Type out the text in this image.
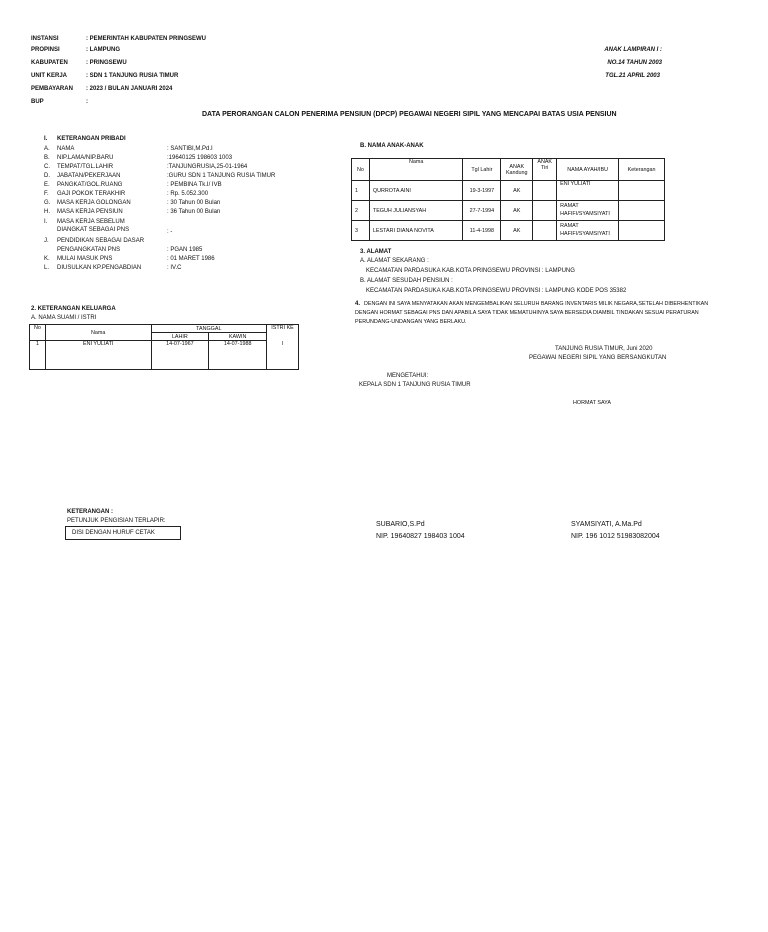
INSTANSI	: PEMERINTAH KABUPATEN PRINGSEWU
PROPINSI	: LAMPUNG
KABUPATEN	: PRINGSEWU
UNIT KERJA	: SDN 1 TANJUNG RUSIA TIMUR
PEMBAYARAN : 2023 / BULAN JANUARI 2024
BUP	:
ANAK LAMPIRAN I :
NO.14 TAHUN 2003
TGL.21 APRIL 2003
DATA PERORANGAN CALON PENERIMA PENSIUN (DPCP) PEGAWAI NEGERI SIPIL YANG MENCAPAI BATAS USIA PENSIUN
I. KETERANGAN PRIBADI
A. NAMA	: SANTIBI,M.Pd.I
B. NIP.LAMA/NIP.BARU	:19640125 198603 1003
C. TEMPAT/TGL.LAHIR	:TANJUNGRUSIA,25-01-1964
D. JABATAN/PEKERJAAN	:GURU SDN 1 TANJUNG RUSIA TIMUR
E. PANGKAT/GOL.RUANG	: PEMBINA Tk.I/ IVB
F. GAJI POKOK TERAKHIR	: Rp. 5.052.300
G. MASA KERJA GOLONGAN	: 30 Tahun 00 Bulan
H. MASA KERJA PENSIUN	: 36 Tahun 00 Bulan
I. MASA KERJA SEBELUM
DIANGKAT SEBAGAI PNS	: -
J. PENDIDIKAN SEBAGAI DASAR
PENGANGKATAN PNS	: PGAN 1985
K. MULAI MASUK PNS	: 01 MARET 1986
L. DIUSULKAN KP.PENGABDIAN	: IV.C
2. KETERANGAN KELUARGA
A. NAMA SUAMI / ISTRI
No	Nama	TANGGAL		ISTRI KE
		LAHIR	KAWIN	
1	ENI YULIATI	14-07-1967	14-07-1988	I
B. NAMA ANAK-ANAK
No	Nama	Tgl Lahir	ANAK Kandung	ANAK Tiri	NAMA AYAH/IBU	Keterangan
1	QURROTA AINI	19-3-1997	AK		ENI YULIATI	
2	TEGUH JULIANSYAH	27-7-1994	AK		RAMAT HAFIFI/SYAMSIYATI	
3	LESTARI DIANA NOVITA	11-4-1998	AK		RAMAT HAFIFI/SYAMSIYATI	
3. ALAMAT
A. ALAMAT SEKARANG :
KECAMATAN PARDASUKA KAB.KOTA PRINGSEWU PROVINSI : LAMPUNG
B. ALAMAT SESUDAH PENSIUN :
KECAMATAN PARDASUKA KAB.KOTA PRINGSEWU PROVINSI : LAMPUNG KODE POS 35382
4. DENGAN INI SAYA MENYATAKAN AKAN MENGEMBALIKAN SELURUH BARANG INVENTARIS MILIK NEGARA,SETELAH DIBERHENTIKAN
DENGAN HORMAT SEBAGAI PNS DAN APABILA SAYA TIDAK MEMATUHINYA SAYA BERSEDIA DIAMBIL TINDAKAN SESUAI PERATURAN
PERUNDANG-UNDANGAN YANG BERLAKU.
TANJUNG RUSIA TIMUR, Juni 2020
PEGAWAI NEGERI SIPIL YANG BERSANGKUTAN
MENGETAHUI:
KEPALA SDN 1 TANJUNG RUSIA TIMUR
HORMAT SAYA
KETERANGAN :
PETUNJUK PENGISIAN TERLAPIR:
DISI DENGAN HURUF CETAK
SUBARIO,S.Pd
NIP. 19640827 198403 1004
SYAMSIYATI, A.Ma.Pd
NIP. 196 1012 51983082004
